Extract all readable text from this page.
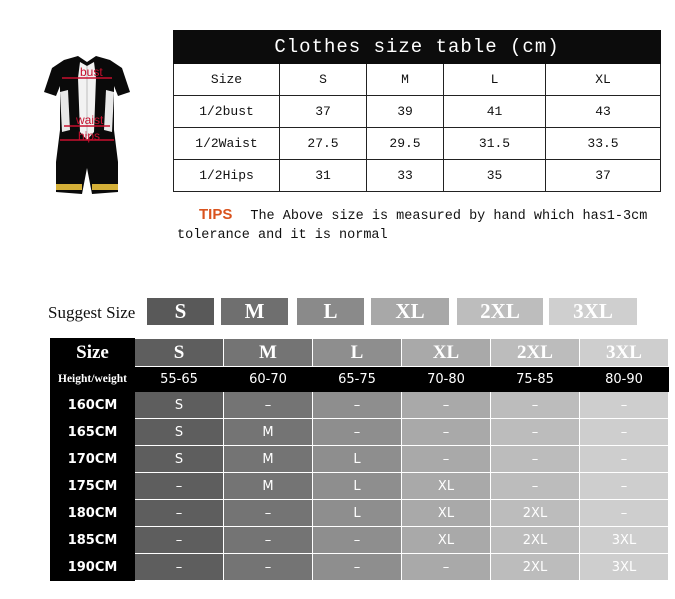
bust
waist
hips
Clothes size table (cm)				
Size	S	M	L	XL
1/2bust	37	39	41	43
1/2Waist	27.5	29.5	31.5	33.5
1/2Hips	31	33	35	37
TIPS The Above size is measured by hand which has1-3cm tolerance and it is normal
Suggest Size	S	M	L	XL	2XL	3XL
Size	S	M	L	XL	2XL	3XL
Height/weight	55-65	60-70	65-75	70-80	75-85	80-90
160CM	S	–	–	–	–	–
165CM	S	M	–	–	–	–
170CM	S	M	L	–	–	–
175CM	–	M	L	XL	–	–
180CM	–	–	L	XL	2XL	–
185CM	–	–	–	XL	2XL	3XL
190CM	–	–	–	–	2XL	3XL
